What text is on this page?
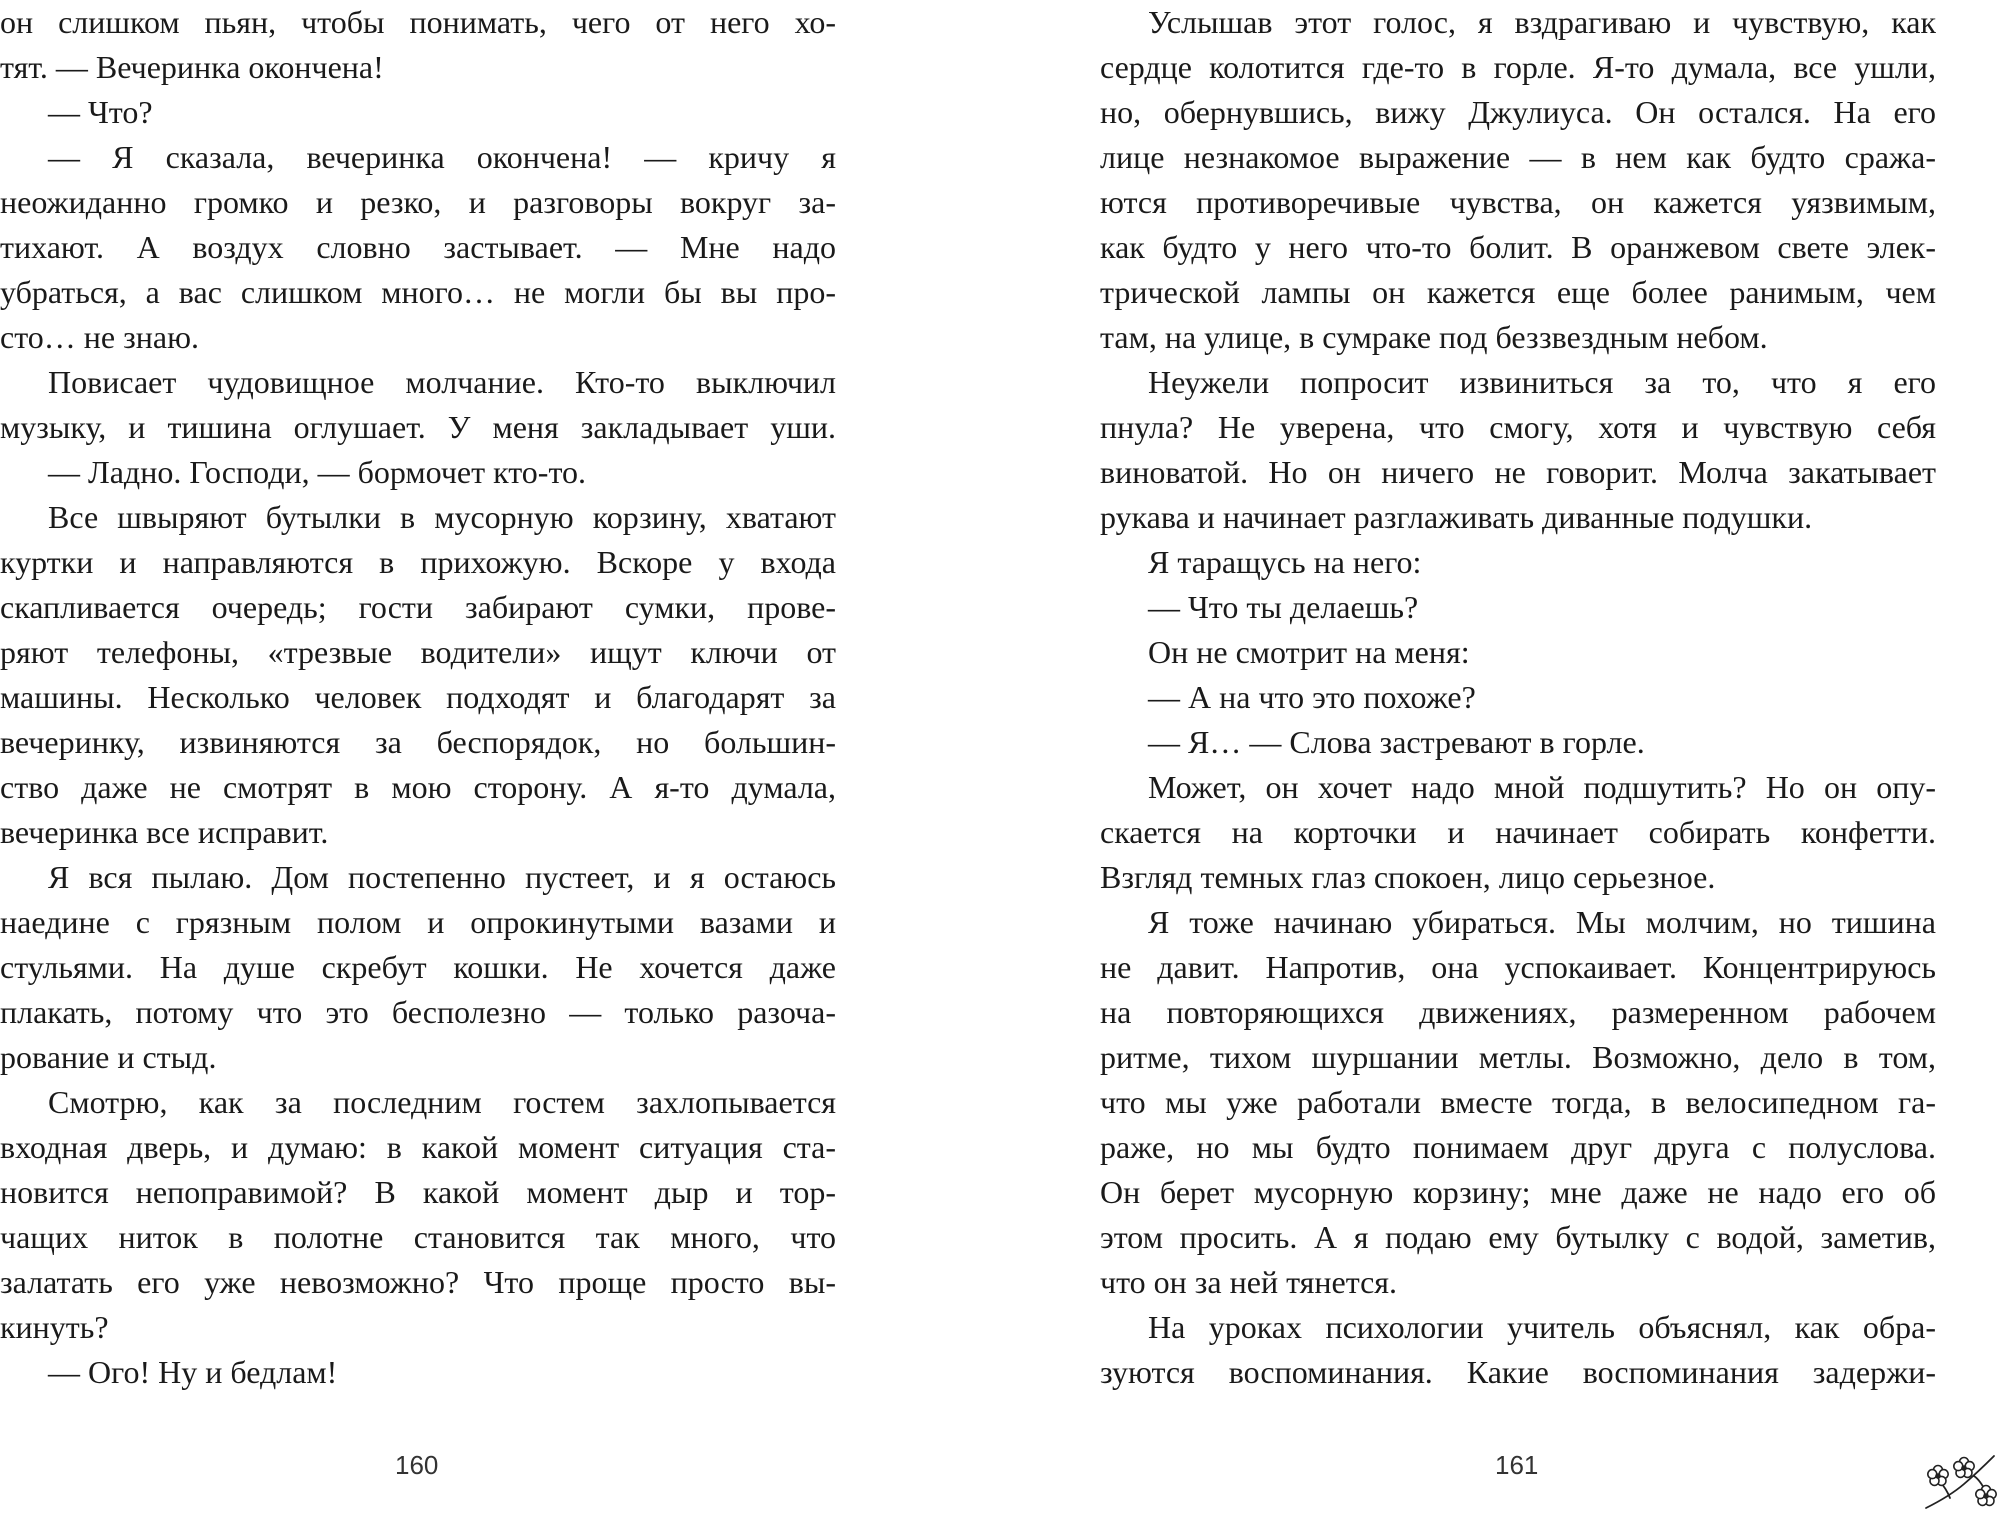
он слишком пьян, чтобы понимать, чего от него хо-
тят. — Вечеринка окончена!
— Что?
— Я сказала, вечеринка окончена! — кричу я
неожиданно громко и резко, и разговоры вокруг за-
тихают. А воздух словно застывает. — Мне надо
убраться, а вас слишком много… не могли бы вы про-
сто… не знаю.
Повисает чудовищное молчание. Кто-то выключил
музыку, и тишина оглушает. У меня закладывает уши.
— Ладно. Господи, — бормочет кто-то.
Все швыряют бутылки в мусорную корзину, хватают
куртки и направляются в прихожую. Вскоре у входа
скапливается очередь; гости забирают сумки, прове-
ряют телефоны, «трезвые водители» ищут ключи от
машины. Несколько человек подходят и благодарят за
вечеринку, извиняются за беспорядок, но большин-
ство даже не смотрят в мою сторону. А я-то думала,
вечеринка все исправит.
Я вся пылаю. Дом постепенно пустеет, и я остаюсь
наедине с грязным полом и опрокинутыми вазами и
стульями. На душе скребут кошки. Не хочется даже
плакать, потому что это бесполезно — только разоча-
рование и стыд.
Смотрю, как за последним гостем захлопывается
входная дверь, и думаю: в какой момент ситуация ста-
новится непоправимой? В какой момент дыр и тор-
чащих ниток в полотне становится так много, что
залатать его уже невозможно? Что проще просто вы-
кинуть?
— Ого! Ну и бедлам!
160
Услышав этот голос, я вздрагиваю и чувствую, как
сердце колотится где-то в горле. Я-то думала, все ушли,
но, обернувшись, вижу Джулиуса. Он остался. На его
лице незнакомое выражение — в нем как будто сража-
ются противоречивые чувства, он кажется уязвимым,
как будто у него что-то болит. В оранжевом свете элек-
трической лампы он кажется еще более ранимым, чем
там, на улице, в сумраке под беззвездным небом.
Неужели попросит извиниться за то, что я его
пнула? Не уверена, что смогу, хотя и чувствую себя
виноватой. Но он ничего не говорит. Молча закатывает
рукава и начинает разглаживать диванные подушки.
Я таращусь на него:
— Что ты делаешь?
Он не смотрит на меня:
— А на что это похоже?
— Я… — Слова застревают в горле.
Может, он хочет надо мной подшутить? Но он опу-
скается на корточки и начинает собирать конфетти.
Взгляд темных глаз спокоен, лицо серьезное.
Я тоже начинаю убираться. Мы молчим, но тишина
не давит. Напротив, она успокаивает. Концентрируюсь
на повторяющихся движениях, размеренном рабочем
ритме, тихом шуршании метлы. Возможно, дело в том,
что мы уже работали вместе тогда, в велосипедном га-
раже, но мы будто понимаем друг друга с полуслова.
Он берет мусорную корзину; мне даже не надо его об
этом просить. А я подаю ему бутылку с водой, заметив,
что он за ней тянется.
На уроках психологии учитель объяснял, как обра-
зуются воспоминания. Какие воспоминания задержи-
161
